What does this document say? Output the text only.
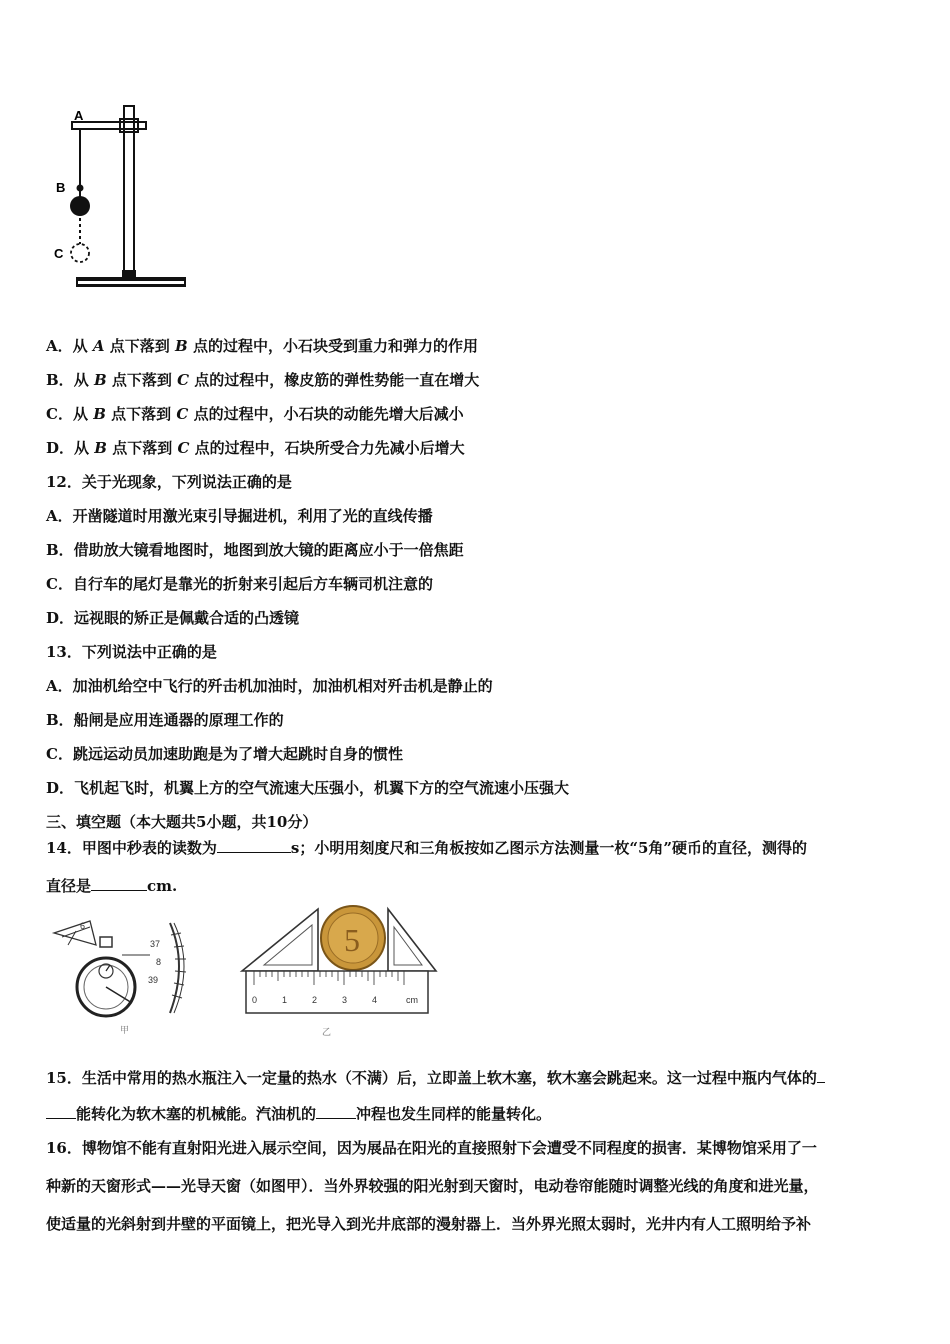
A
B
C
A．从 A 点下落到 B 点的过程中，小石块受到重力和弹力的作用
B．从 B 点下落到 C 点的过程中，橡皮筋的弹性势能一直在增大
C．从 B 点下落到 C 点的过程中，小石块的动能先增大后减小
D．从 B 点下落到 C 点的过程中，石块所受合力先减小后增大
12．关于光现象，下列说法正确的是
A．开凿隧道时用激光束引导掘进机，利用了光的直线传播
B．借助放大镜看地图时，地图到放大镜的距离应小于一倍焦距
C．自行车的尾灯是靠光的折射来引起后方车辆司机注意的
D．远视眼的矫正是佩戴合适的凸透镜
13．下列说法中正确的是
A．加油机给空中飞行的歼击机加油时，加油机相对歼击机是静止的
B．船闸是应用连通器的原理工作的
C．跳远运动员加速助跑是为了增大起跳时自身的惯性
D．飞机起飞时，机翼上方的空气流速大压强小，机翼下方的空气流速小压强大
三、填空题（本大题共5小题，共10分）
14．甲图中秒表的读数为	s；小明用刻度尺和三角板按如乙图示方法测量一枚“5角”硬币的直径，测得的
直径是	cm.
6
37
8
39
甲
5
0	1	2	3	4	cm
乙
15．生活中常用的热水瓶注入一定量的热水（不满）后，立即盖上软木塞，软木塞会跳起来。这一过程中瓶内气体的
能转化为软木塞的机械能。汽油机的	冲程也发生同样的能量转化。
16．博物馆不能有直射阳光进入展示空间，因为展品在阳光的直接照射下会遭受不同程度的损害．某博物馆采用了一
种新的天窗形式——光导天窗（如图甲）．当外界较强的阳光射到天窗时，电动卷帘能随时调整光线的角度和进光量，
使适量的光斜射到井壁的平面镜上，把光导入到光井底部的漫射器上．当外界光照太弱时，光井内有人工照明给予补
